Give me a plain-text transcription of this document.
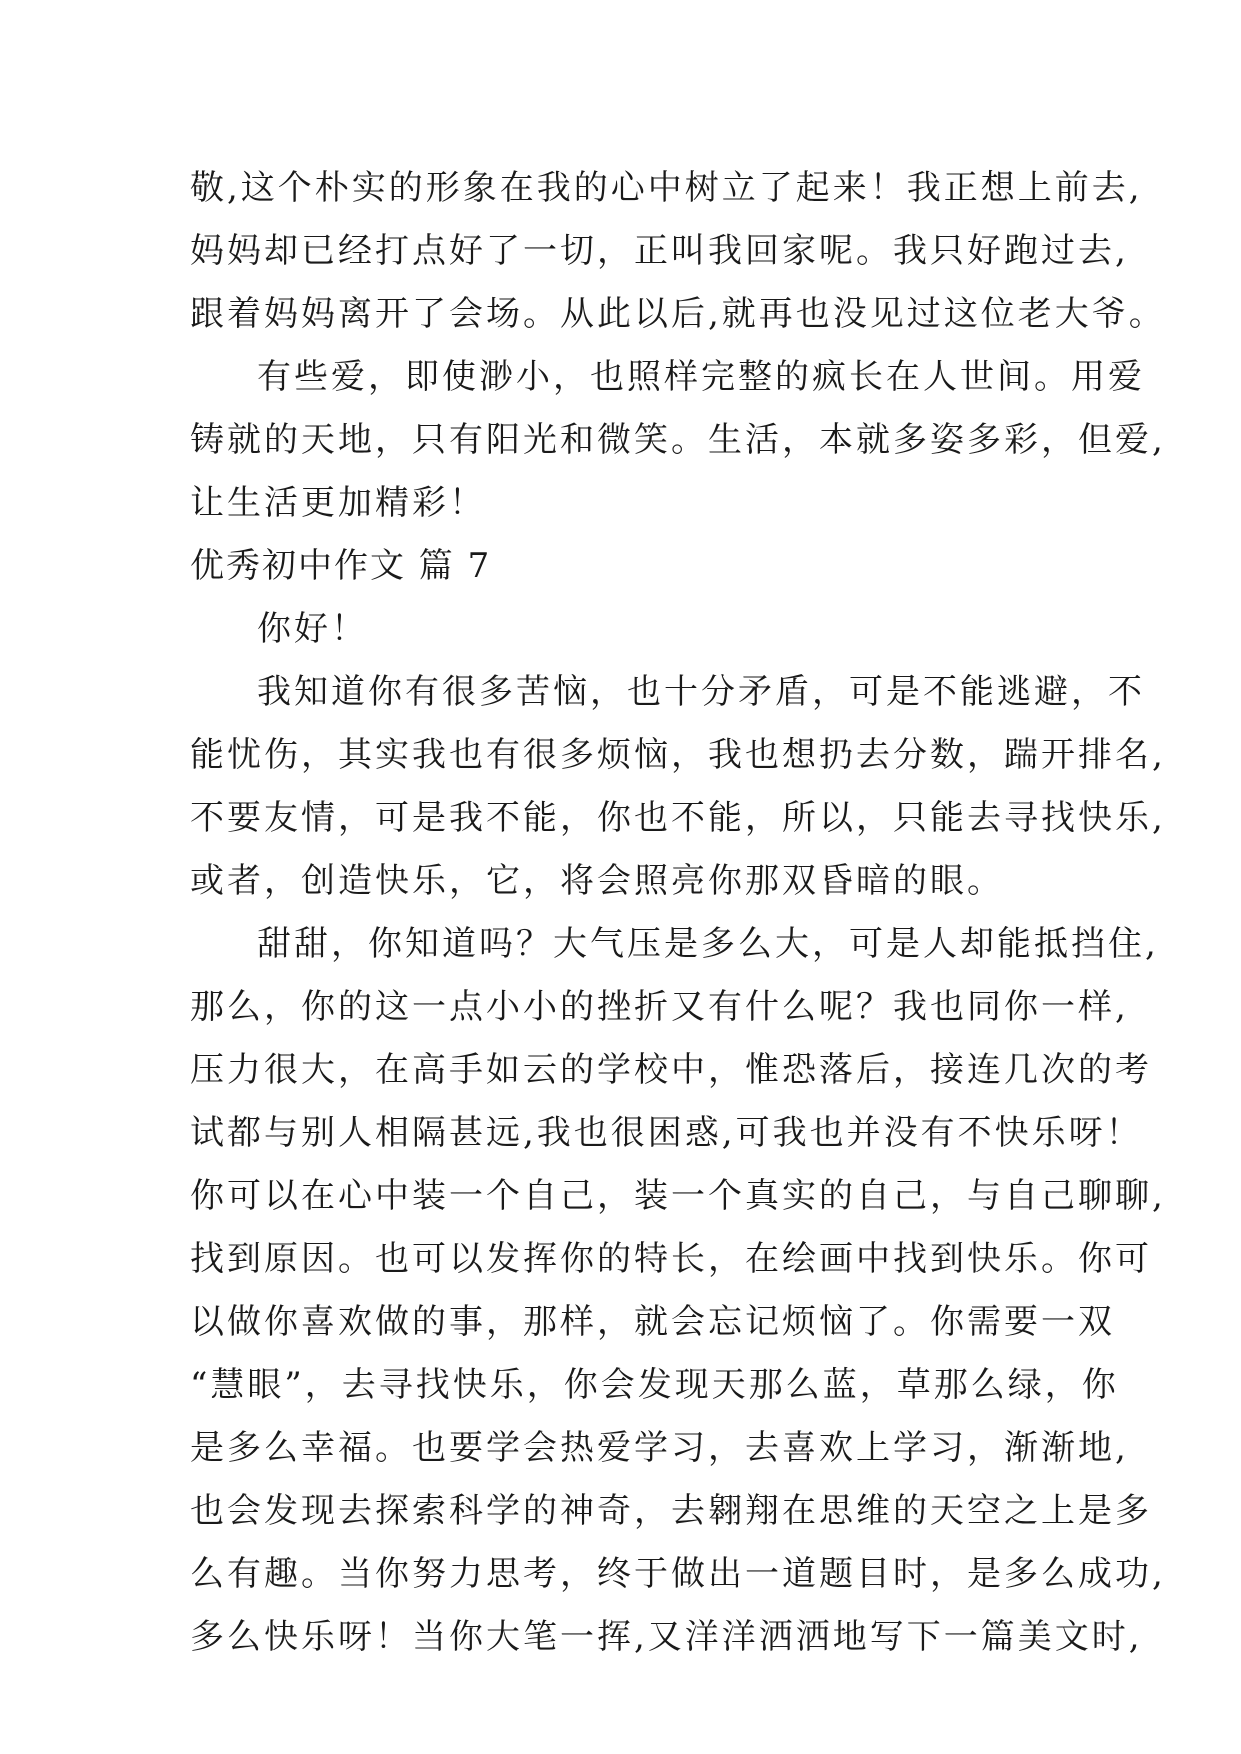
敬,这个朴实的形象在我的心中树立了起来！我正想上前去,
妈妈却已经打点好了一切，正叫我回家呢。我只好跑过去,
跟着妈妈离开了会场。从此以后,就再也没见过这位老大爷。
有些爱，即使渺小，也照样完整的疯长在人世间。用爱
铸就的天地，只有阳光和微笑。生活，本就多姿多彩，但爱,
让生活更加精彩！
优秀初中作文 篇 7
你好！
我知道你有很多苦恼，也十分矛盾，可是不能逃避，不
能忧伤，其实我也有很多烦恼，我也想扔去分数，踹开排名,
不要友情，可是我不能，你也不能，所以，只能去寻找快乐,
或者，创造快乐，它，将会照亮你那双昏暗的眼。
甜甜，你知道吗？大气压是多么大，可是人却能抵挡住,
那么，你的这一点小小的挫折又有什么呢？我也同你一样,
压力很大，在高手如云的学校中，惟恐落后，接连几次的考
试都与别人相隔甚远,我也很困惑,可我也并没有不快乐呀！
你可以在心中装一个自己，装一个真实的自己，与自己聊聊,
找到原因。也可以发挥你的特长，在绘画中找到快乐。你可
以做你喜欢做的事，那样，就会忘记烦恼了。你需要一双
“慧眼”，去寻找快乐，你会发现天那么蓝，草那么绿，你
是多么幸福。也要学会热爱学习，去喜欢上学习，渐渐地,
也会发现去探索科学的神奇，去翱翔在思维的天空之上是多
么有趣。当你努力思考，终于做出一道题目时，是多么成功,
多么快乐呀！当你大笔一挥,又洋洋洒洒地写下一篇美文时,
